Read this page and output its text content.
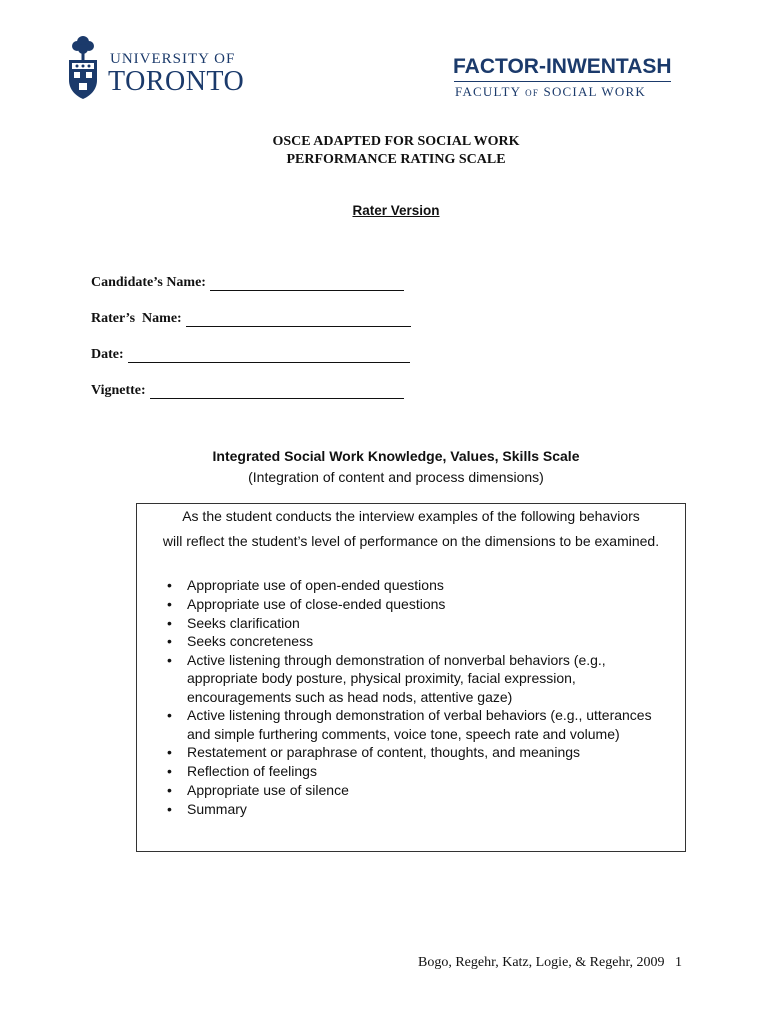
UNIVERSITY OF
TORONTO	FACTOR-INWENTASH
FACULTY OF SOCIAL WORK
OSCE ADAPTED FOR SOCIAL WORK
PERFORMANCE RATING SCALE
Rater Version
Candidate’s Name:
Rater’s  Name:
Date:
Vignette:
Integrated Social Work Knowledge, Values, Skills Scale
(Integration of content and process dimensions)
As the student conducts the interview examples of the following behaviors
will reflect the student’s level of performance on the dimensions to be examined.
• Appropriate use of open-ended questions
• Appropriate use of close-ended questions
• Seeks clarification
• Seeks concreteness
• Active listening through demonstration of nonverbal behaviors (e.g., appropriate body posture, physical proximity, facial expression, encouragements such as head nods, attentive gaze)
• Active listening through demonstration of verbal behaviors (e.g., utterances and simple furthering comments, voice tone, speech rate and volume)
• Restatement or paraphrase of content, thoughts, and meanings
• Reflection of feelings
• Appropriate use of silence
• Summary
Bogo, Regehr, Katz, Logie, & Regehr, 2009 1
